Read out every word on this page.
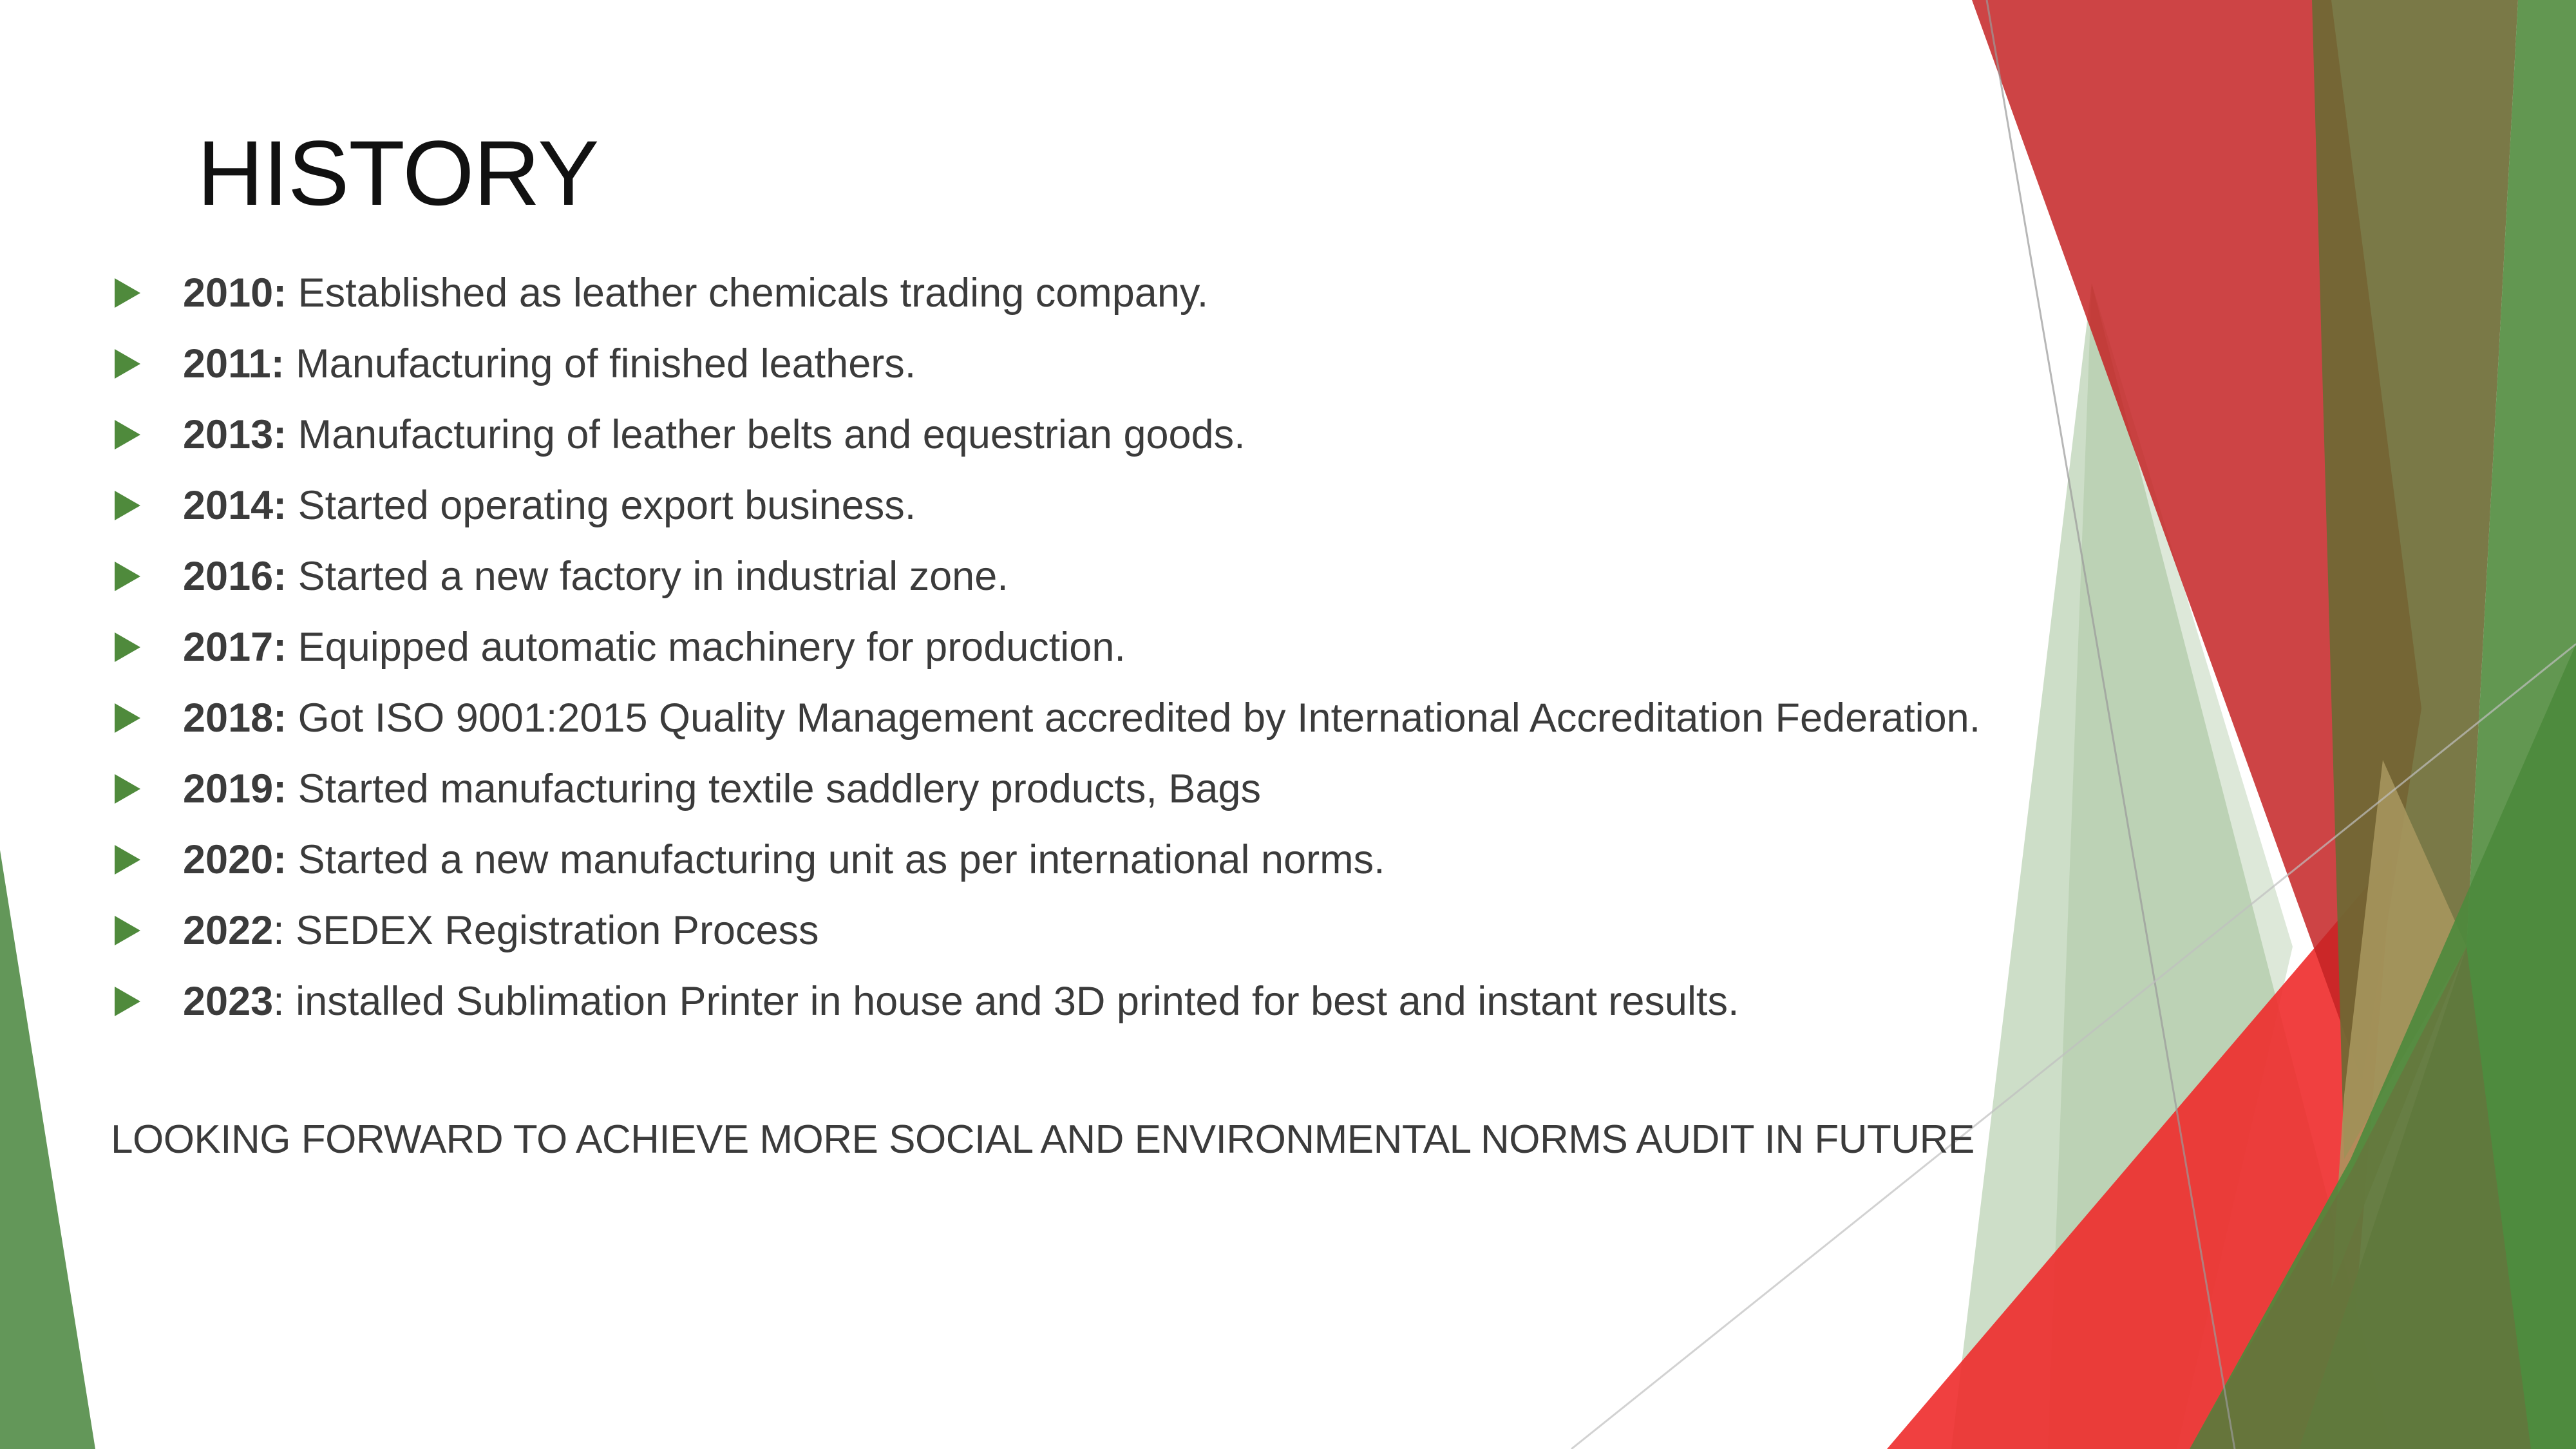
HISTORY
2010: Established as leather chemicals trading company.
2011: Manufacturing of finished leathers.
2013: Manufacturing of leather belts and equestrian goods.
2014: Started operating export business.
2016: Started a new factory in industrial zone.
2017: Equipped automatic machinery for production.
2018: Got ISO 9001:2015 Quality Management accredited by International Accreditation Federation.
2019: Started manufacturing textile saddlery products, Bags
2020: Started a new manufacturing unit as per international norms.
2022: SEDEX Registration Process
2023: installed Sublimation Printer in house and 3D printed for best and instant results.
LOOKING FORWARD TO ACHIEVE MORE SOCIAL AND ENVIRONMENTAL NORMS AUDIT IN FUTURE
